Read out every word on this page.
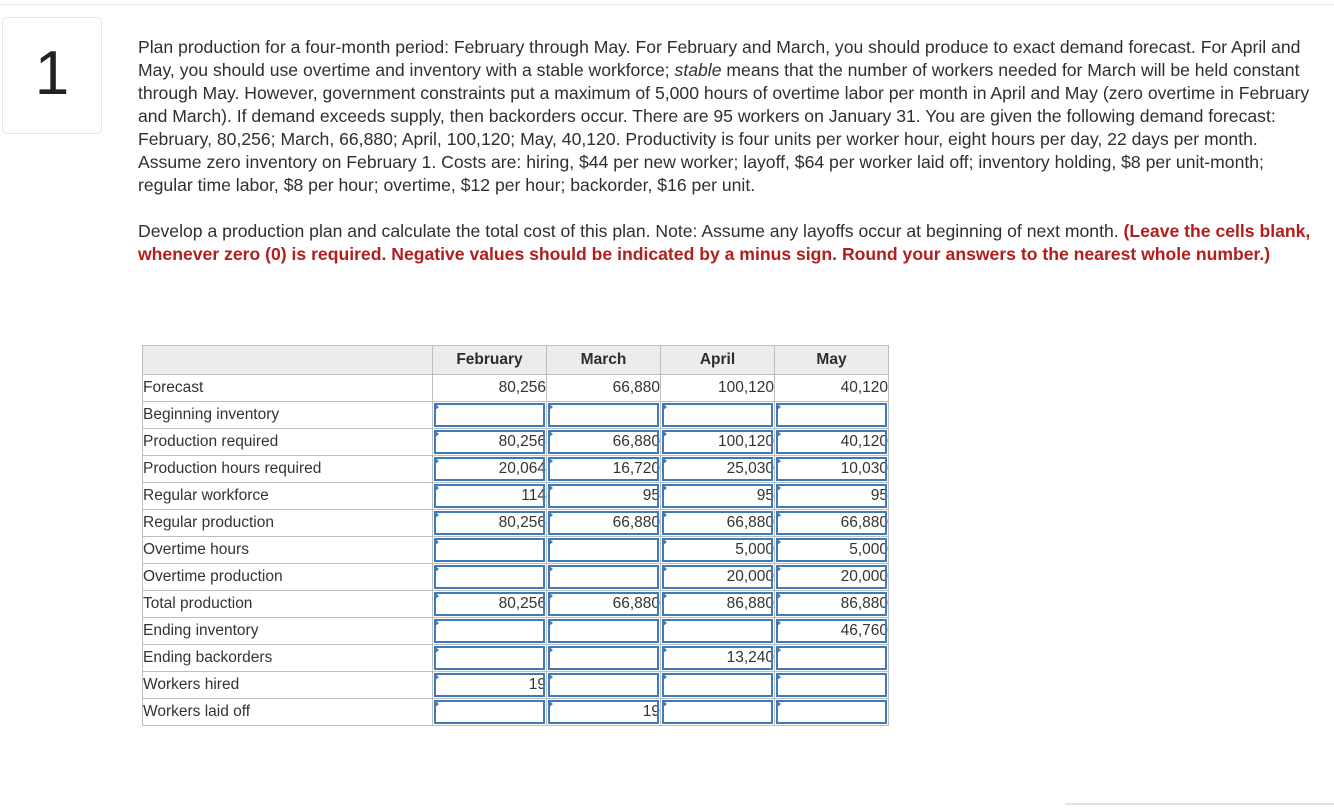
1	Plan production for a four-month period: February through May. For February and March, you should produce to exact demand forecast. For April and May, you should use overtime and inventory with a stable workforce; stable means that the number of workers needed for March will be held constant through May. However, government constraints put a maximum of 5,000 hours of overtime labor per month in April and May (zero overtime in February and March). If demand exceeds supply, then backorders occur. There are 95 workers on January 31. You are given the following demand forecast: February, 80,256; March, 66,880; April, 100,120; May, 40,120. Productivity is four units per worker hour, eight hours per day, 22 days per month. Assume zero inventory on February 1. Costs are: hiring, $44 per new worker; layoff, $64 per worker laid off; inventory holding, $8 per unit-month; regular time labor, $8 per hour; overtime, $12 per hour; backorder, $16 per unit.

Develop a production plan and calculate the total cost of this plan. Note: Assume any layoffs occur at beginning of next month. (Leave the cells blank, whenever zero (0) is required. Negative values should be indicated by a minus sign. Round your answers to the nearest whole number.)

	February	March	April	May
Forecast	80,256	66,880	100,120	40,120
Beginning inventory				
Production required	80,256	66,880	100,120	40,120
Production hours required	20,064	16,720	25,030	10,030
Regular workforce	114	95	95	95
Regular production	80,256	66,880	66,880	66,880
Overtime hours			5,000	5,000
Overtime production			20,000	20,000
Total production	80,256	66,880	86,880	86,880
Ending inventory				46,760
Ending backorders			13,240	
Workers hired	19			
Workers laid off		19		
